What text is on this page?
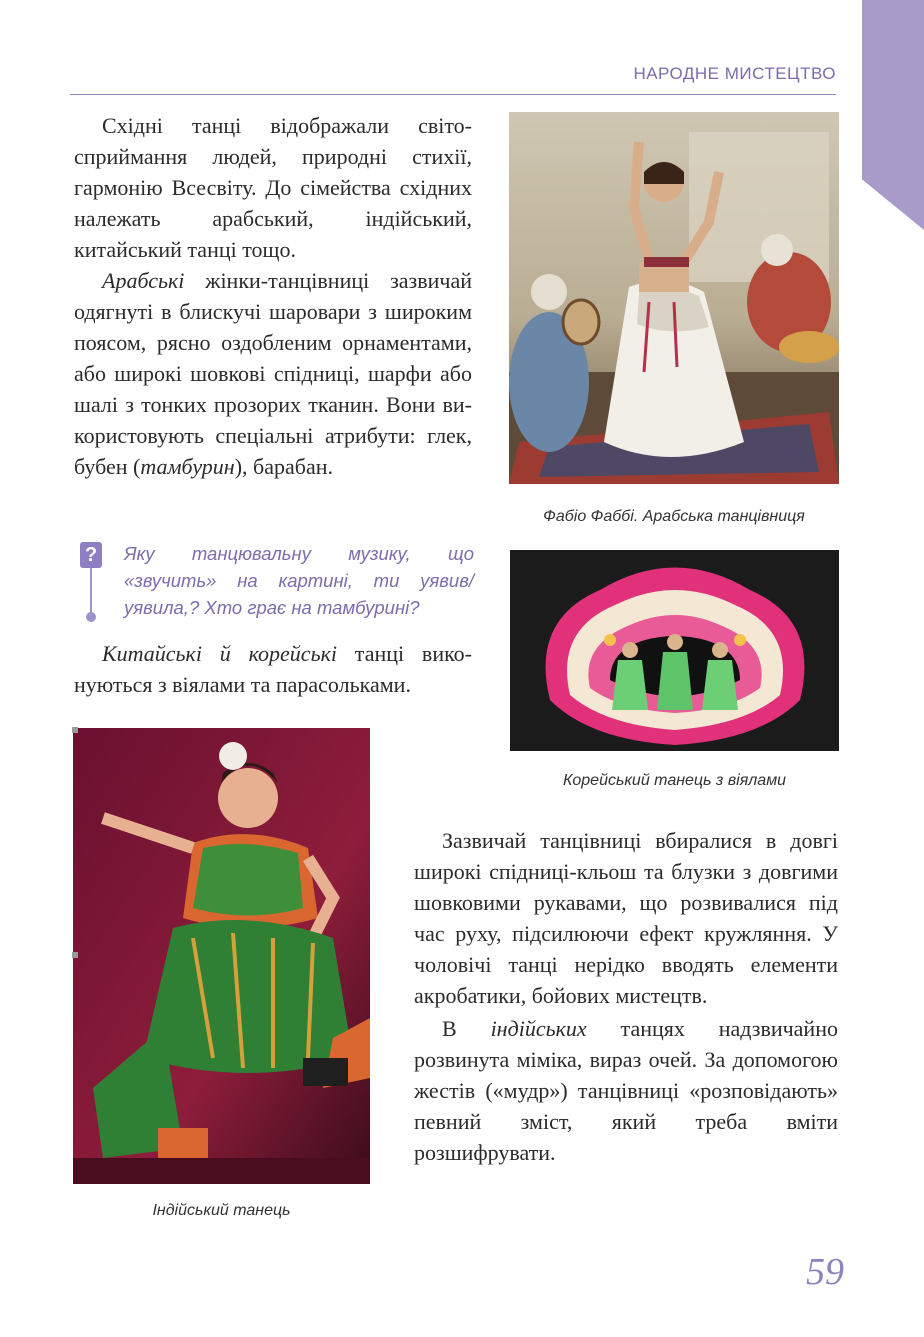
НАРОДНЕ МИСТЕЦТВО

Східні танці відображали світосприймання людей, природні стихії, гармонію Всесвіту. До сімейства східних належать арабський, індійський, китайський танці тощо.

Арабські жінки-танцівниці зазвичай одягнуті в блискучі шаровари з широким поясом, рясно оздобленим орнаментами, або широкі шовкові спідниці, шарфи або шалі з тонких прозорих тканин. Вони використовують спеціальні атрибути: глек, бубен (тамбурин), барабан.

? Яку танцювальну музику, що «звучить» на картині, ти уявив/уявила,? Хто грає на тамбурині?

Китайські й корейські танці виконуються з віялами та парасольками.

Фабіо Фаббі. Арабська танцівниця
Корейський танець з віялами
Індійський танець

Зазвичай танцівниці вбиралися в довгі широкі спідниці-кльош та блузки з довгими шовковими рукавами, що розвивалися під час руху, підсилюючи ефект кружляння. У чоловічі танці нерідко вводять елементи акробатики, бойових мистецтв.

В індійських танцях надзвичайно розвинута міміка, вираз очей. За допомогою жестів («мудр») танцівниці «розповідають» певний зміст, який треба вміти розшифрувати.

59
